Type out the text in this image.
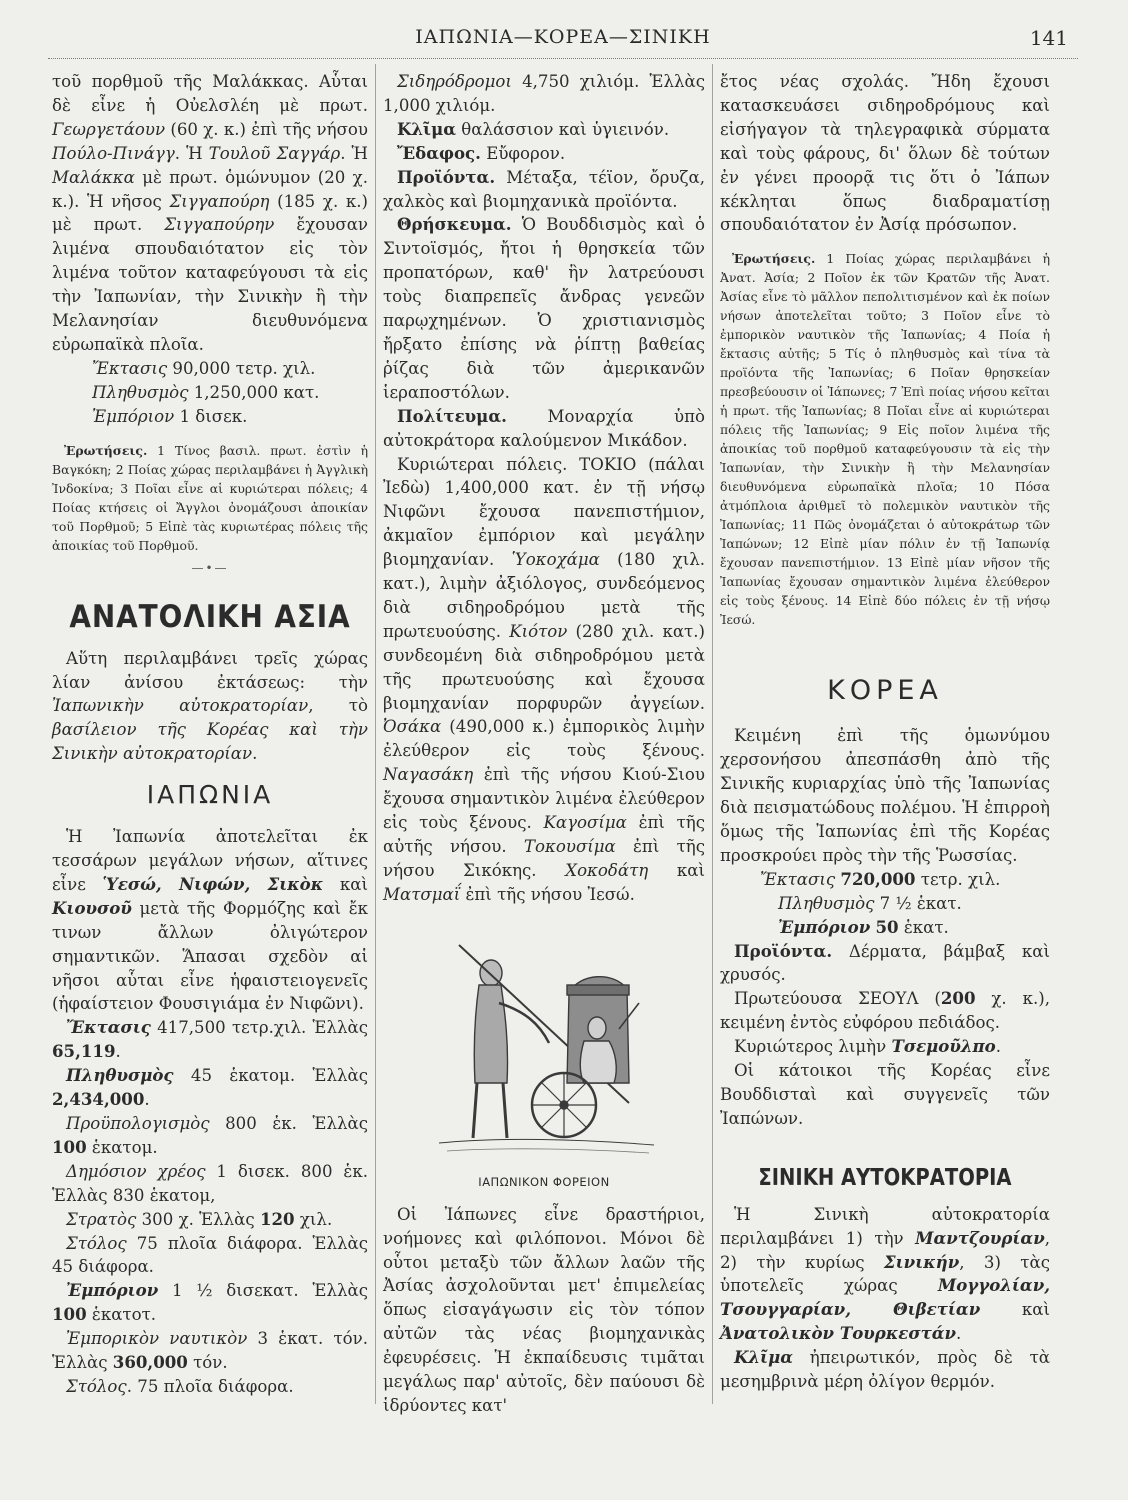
ΙΑΠΩΝΙΑ—ΚΟΡΕΑ—ΣΙΝΙΚΗ	141

τοῦ πορθμοῦ τῆς Μαλάκκας. Αὗται δὲ εἶνε ἡ Οὐελσλέη μὲ πρωτ. Γεωργετάουν (60 χ. κ.) ἐπὶ τῆς νήσου Πούλο-Πινάγγ. Ἡ Τουλοῦ Σαγγάρ. Ἡ Μαλάκκα μὲ πρωτ. ὁμώνυμον (20 χ. κ.). Ἡ νῆσος Σιγγαπούρη (185 χ. κ.) μὲ πρωτ. Σιγγαπούρην ἔχουσαν λιμένα σπουδαιότατον εἰς τὸν λιμένα τοῦτον καταφεύγουσι τὰ εἰς τὴν Ἰαπωνίαν, τὴν Σινικὴν ἢ τὴν Μελανησίαν διευθυνόμενα εὐρωπαϊκὰ πλοῖα.

Ἔκτασις 90,000 τετρ. χιλ.

Πληθυσμὸς 1,250,000 κατ.

Ἐμπόριον 1 δισεκ.

Ἐρωτήσεις. 1 Τίνος βασιλ. πρωτ. ἐστὶν ἡ Βαγκόκη; 2 Ποίας χώρας περιλαμβάνει ἡ Ἀγγλικὴ Ἰνδοκίνα; 3 Ποῖαι εἶνε αἱ κυριώτεραι πόλεις; 4 Ποίας κτήσεις οἱ Ἄγγλοι ὀνομάζουσι ἀποικίαν τοῦ Πορθμοῦ; 5 Εἰπὲ τὰς κυριωτέρας πόλεις τῆς ἀποικίας τοῦ Πορθμοῦ.

—•—
ΑΝΑΤΟΛΙΚΗ ΑΣΙΑ

Αὕτη περιλαμβάνει τρεῖς χώρας λίαν ἀνίσου ἐκτάσεως: τὴν Ἰαπωνικὴν αὐτοκρατορίαν, τὸ βασίλειον τῆς Κορέας καὶ τὴν Σινικὴν αὐτοκρατορίαν.

ΙΑΠΩΝΙΑ

Ἡ Ἰαπωνία ἀποτελεῖται ἐκ τεσσάρων μεγάλων νήσων, αἵτινες εἶνε Ὑεσώ, Νιφών, Σικὸκ καὶ Κιουσοῦ μετὰ τῆς Φορμόζης καὶ ἔκ τινων ἄλλων ὀλιγώτερον σημαντικῶν. Ἅπασαι σχεδὸν αἱ νῆσοι αὗται εἶνε ἡφαιστειογενεῖς (ἡφαίστειον Φουσιγιάμα ἐν Νιφῶνι).

Ἔκτασις 417,500 τετρ.χιλ. Ἑλλὰς 65,119.

Πληθυσμὸς 45 ἑκατομ. Ἑλλὰς 2,434,000.

Προϋπολογισμὸς 800 ἑκ. Ἑλλὰς 100 ἑκατομ.

Δημόσιον χρέος 1 δισεκ. 800 ἑκ. Ἑλλὰς 830 ἑκατομ,

Στρατὸς 300 χ. Ἑλλὰς 120 χιλ.

Στόλος 75 πλοῖα διάφορα. Ἑλλὰς 45 διάφορα.

Ἐμπόριον 1 ½ δισεκατ. Ἑλλὰς 100 ἑκατοτ.

Ἐμπορικὸν ναυτικὸν 3 ἑκατ. τόν. Ἑλλὰς 360,000 τόν.

Στόλος. 75 πλοῖα διάφορα.

Σιδηρόδρομοι 4,750 χιλιόμ. Ἑλλὰς 1,000 χιλιόμ.

Κλῖμα θαλάσσιον καὶ ὑγιεινόν.

Ἔδαφος. Εὔφορον.

Προϊόντα. Μέταξα, τέϊον, ὄρυζα, χαλκὸς καὶ βιομηχανικὰ προϊόντα.

Θρήσκευμα. Ὁ Βουδδισμὸς καὶ ὁ Σιντοϊσμός, ἤτοι ἡ θρησκεία τῶν προπατόρων, καθ' ἣν λατρεύουσι τοὺς διαπρεπεῖς ἄνδρας γενεῶν παρῳχημένων. Ὁ χριστιανισμὸς ἤρξατο ἐπίσης νὰ ῥίπτῃ βαθείας ῥίζας διὰ τῶν ἀμερικανῶν ἱεραποστόλων.

Πολίτευμα. Μοναρχία ὑπὸ αὐτοκράτορα καλούμενον Μικάδον.

Κυριώτεραι πόλεις. ΤΟΚΙΟ (πάλαι Ἰεδὼ) 1,400,000 κατ. ἐν τῇ νήσῳ Νιφῶνι ἔχουσα πανεπιστήμιον, ἀκμαῖον ἐμπόριον καὶ μεγάλην βιομηχανίαν. Ὑοκοχάμα (180 χιλ. κατ.), λιμὴν ἀξιόλογος, συνδεόμενος διὰ σιδηροδρόμου μετὰ τῆς πρωτευούσης. Κιότον (280 χιλ. κατ.) συνδεομένη διὰ σιδηροδρόμου μετὰ τῆς πρωτευούσης καὶ ἔχουσα βιομηχανίαν πορφυρῶν ἀγγείων. Ὀσάκα (490,000 κ.) ἐμπορικὸς λιμὴν ἐλεύθερον εἰς τοὺς ξένους. Ναγασάκη ἐπὶ τῆς νήσου Κιού-Σιου ἔχουσα σημαντικὸν λιμένα ἐλεύθερον εἰς τοὺς ξένους. Καγοσίμα ἐπὶ τῆς αὐτῆς νήσου. Τοκουσίμα ἐπὶ τῆς νήσου Σικόκης. Χοκοδάτη καὶ Ματσμαΐ ἐπὶ τῆς νήσου Ἰεσώ.

ΙΑΠΩΝΙΚΟΝ ΦΟΡΕΙΟΝ

Οἱ Ἰάπωνες εἶνε δραστήριοι, νοήμονες καὶ φιλόπονοι. Μόνοι δὲ οὗτοι μεταξὺ τῶν ἄλλων λαῶν τῆς Ἀσίας ἀσχολοῦνται μετ' ἐπιμελείας ὅπως εἰσαγάγωσιν εἰς τὸν τόπον αὐτῶν τὰς νέας βιομηχανικὰς ἐφευρέσεις. Ἡ ἐκπαίδευσις τιμᾶται μεγάλως παρ' αὐτοῖς, δὲν παύουσι δὲ ἱδρύοντες κατ'

ἔτος νέας σχολάς. Ἤδη ἔχουσι κατασκευάσει σιδηροδρόμους καὶ εἰσήγαγον τὰ τηλεγραφικὰ σύρματα καὶ τοὺς φάρους, δι' ὅλων δὲ τούτων ἐν γένει προορᾷ τις ὅτι ὁ Ἰάπων κέκληται ὅπως διαδραματίσῃ σπουδαιότατον ἐν Ἀσίᾳ πρόσωπον.

Ἐρωτήσεις. 1 Ποίας χώρας περιλαμβάνει ἡ Ἀνατ. Ἀσία; 2 Ποῖον ἐκ τῶν Κρατῶν τῆς Ἀνατ. Ἀσίας εἶνε τὸ μᾶλλον πεπολιτισμένον καὶ ἐκ ποίων νήσων ἀποτελεῖται τοῦτο; 3 Ποῖον εἶνε τὸ ἐμπορικὸν ναυτικὸν τῆς Ἰαπωνίας; 4 Ποία ἡ ἔκτασις αὐτῆς; 5 Τίς ὁ πληθυσμὸς καὶ τίνα τὰ προϊόντα τῆς Ἰαπωνίας; 6 Ποῖαν θρησκείαν πρεσβεύουσιν οἱ Ἰάπωνες; 7 Ἐπὶ ποίας νήσου κεῖται ἡ πρωτ. τῆς Ἰαπωνίας; 8 Ποῖαι εἶνε αἱ κυριώτεραι πόλεις τῆς Ἰαπωνίας; 9 Εἰς ποῖον λιμένα τῆς ἀποικίας τοῦ πορθμοῦ καταφεύγουσιν τὰ εἰς τὴν Ἰαπωνίαν, τὴν Σινικὴν ἢ τὴν Μελανησίαν διευθυνόμενα εὐρωπαϊκὰ πλοῖα; 10 Πόσα ἀτμόπλοια ἀριθμεῖ τὸ πολεμικὸν ναυτικὸν τῆς Ἰαπωνίας; 11 Πῶς ὀνομάζεται ὁ αὐτοκράτωρ τῶν Ἰαπώνων; 12 Εἰπὲ μίαν πόλιν ἐν τῇ Ἰαπωνίᾳ ἔχουσαν πανεπιστήμιον. 13 Εἰπὲ μίαν νῆσον τῆς Ἰαπωνίας ἔχουσαν σημαντικὸν λιμένα ἐλεύθερον εἰς τοὺς ξένους. 14 Εἰπὲ δύο πόλεις ἐν τῇ νήσῳ Ἰεσώ.

ΚΟΡΕΑ

Κειμένη ἐπὶ τῆς ὁμωνύμου χερσονήσου ἀπεσπάσθη ἀπὸ τῆς Σινικῆς κυριαρχίας ὑπὸ τῆς Ἰαπωνίας διὰ πεισματώδους πολέμου. Ἡ ἐπιρροὴ ὅμως τῆς Ἰαπωνίας ἐπὶ τῆς Κορέας προσκρούει πρὸς τὴν τῆς Ῥωσσίας.

Ἔκτασις 720,000 τετρ. χιλ.

Πληθυσμὸς 7 ½ ἑκατ.

Ἐμπόριον 50 ἑκατ.

Προϊόντα. Δέρματα, βάμβαξ καὶ χρυσός.

Πρωτεύουσα ΣΕΟΥΛ (200 χ. κ.), κειμένη ἐντὸς εὐφόρου πεδιάδος.

Κυριώτερος λιμὴν Τσεμοῦλπο.

Οἱ κάτοικοι τῆς Κορέας εἶνε Βουδδισταὶ καὶ συγγενεῖς τῶν Ἰαπώνων.

ΣΙΝΙΚΗ ΑΥΤΟΚΡΑΤΟΡΙΑ

Ἡ Σινικὴ αὐτοκρατορία περιλαμβάνει 1) τὴν Μαντζουρίαν, 2) τὴν κυρίως Σινικήν, 3) τὰς ὑποτελεῖς χώρας Μογγολίαν, Τσουγγαρίαν, Θιβετίαν καὶ Ἀνατολικὸν Τουρκεστάν.

Κλῖμα ἠπειρωτικόν, πρὸς δὲ τὰ μεσημβρινὰ μέρη ὀλίγον θερμόν.
